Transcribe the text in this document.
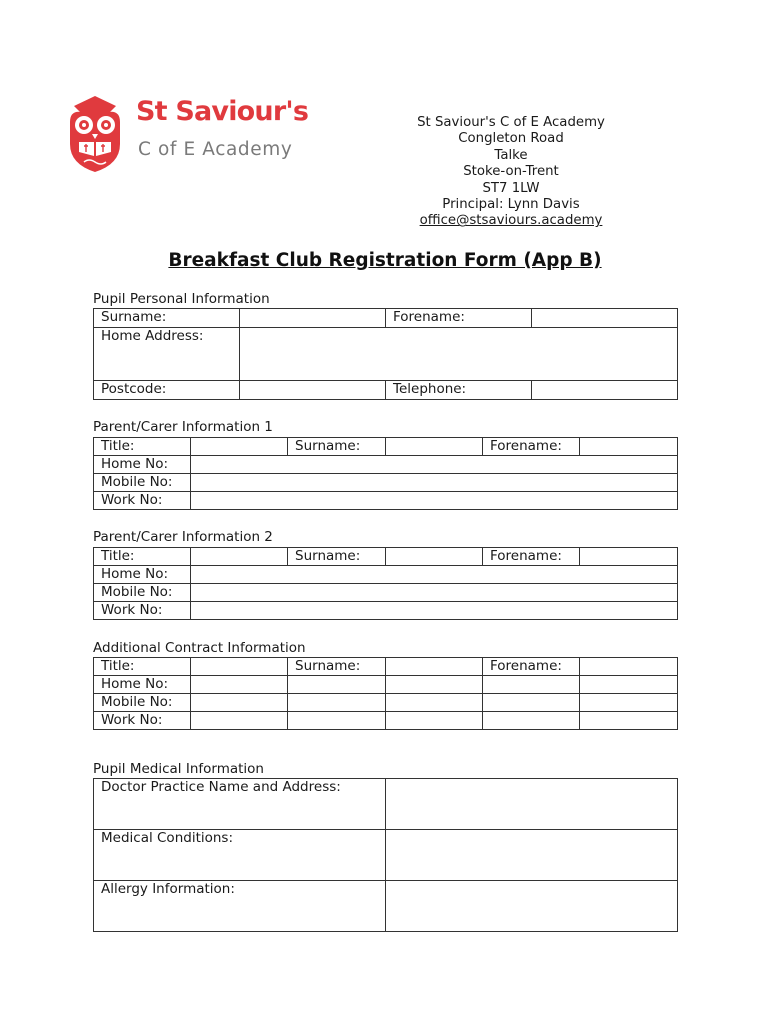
St Saviour's
C of E Academy
St Saviour's C of E Academy
Congleton Road
Talke
Stoke-on-Trent
ST7 1LW
Principal: Lynn Davis
office@stsaviours.academy
Breakfast Club Registration Form (App B)
Pupil Personal Information
Surname:		Forename:	
Home Address:			
Postcode:		Telephone:	
Parent/Carer Information 1
Title:		Surname:		Forename:	
Home No:					
Mobile No:					
Work No:					
Parent/Carer Information 2
Title:		Surname:		Forename:	
Home No:					
Mobile No:					
Work No:					
Additional Contract Information
Title:		Surname:		Forename:	
Home No:					
Mobile No:					
Work No:					
Pupil Medical Information
Doctor Practice Name and Address:	
Medical Conditions:	
Allergy Information:	
